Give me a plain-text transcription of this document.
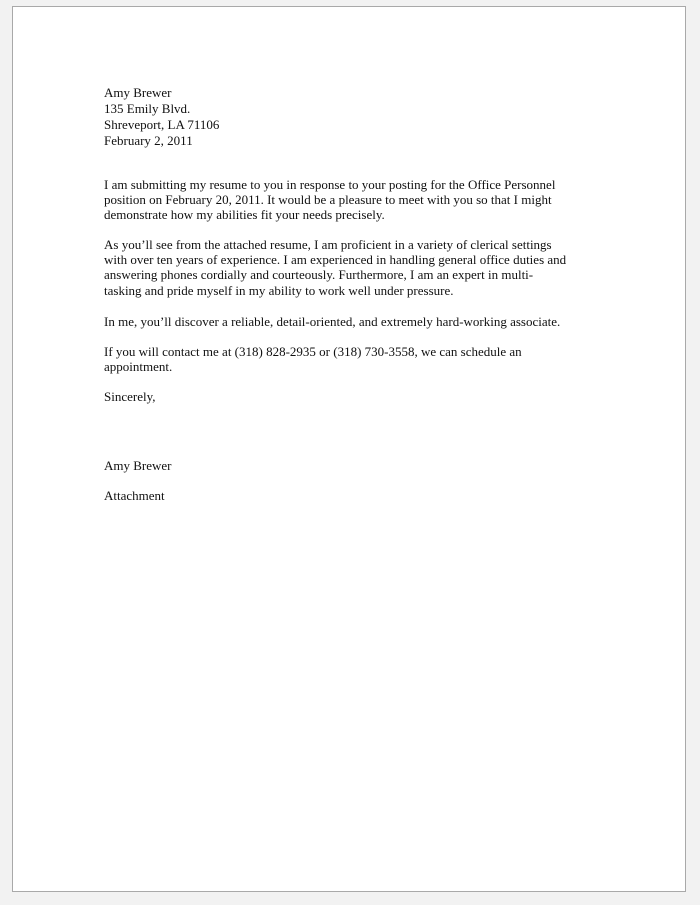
Amy Brewer

135 Emily Blvd.

Shreveport, LA 71106

February 2, 2011

I am submitting my resume to you in response to your posting for the Office Personnel

position on February 20, 2011. It would be a pleasure to meet with you so that I might

demonstrate how my abilities fit your needs precisely.

As you’ll see from the attached resume, I am proficient in a variety of clerical settings

with over ten years of experience. I am experienced in handling general office duties and

answering phones cordially and courteously. Furthermore, I am an expert in multi-

tasking and pride myself in my ability to work well under pressure.

In me, you’ll discover a reliable, detail-oriented, and extremely hard-working associate.

If you will contact me at (318) 828-2935 or (318) 730-3558, we can schedule an

appointment.

Sincerely,

Amy Brewer

Attachment
